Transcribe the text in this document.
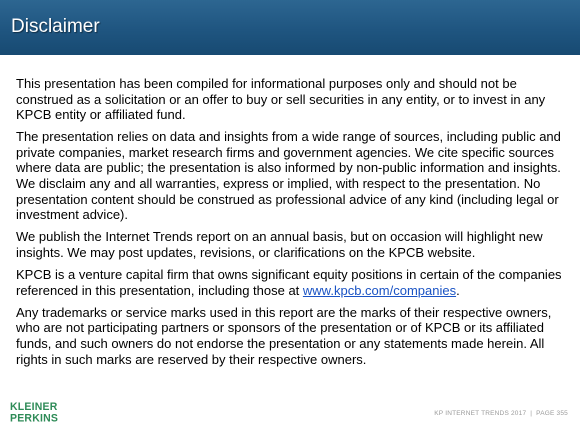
Disclaimer

This presentation has been compiled for informational purposes only and should not be construed as a solicitation or an offer to buy or sell securities in any entity, or to invest in any KPCB entity or affiliated fund.

The presentation relies on data and insights from a wide range of sources, including public and private companies, market research firms and government agencies. We cite specific sources where data are public; the presentation is also informed by non-public information and insights. We disclaim any and all warranties, express or implied, with respect to the presentation. No presentation content should be construed as professional advice of any kind (including legal or investment advice).

We publish the Internet Trends report on an annual basis, but on occasion will highlight new insights. We may post updates, revisions, or clarifications on the KPCB website.

KPCB is a venture capital firm that owns significant equity positions in certain of the companies referenced in this presentation, including those at www.kpcb.com/companies.

Any trademarks or service marks used in this report are the marks of their respective owners, who are not participating partners or sponsors of the presentation or of KPCB or its affiliated funds, and such owners do not endorse the presentation or any statements made herein. All rights in such marks are reserved by their respective owners.

KLEINER
PERKINS	KP INTERNET TRENDS 2017 | PAGE 355
